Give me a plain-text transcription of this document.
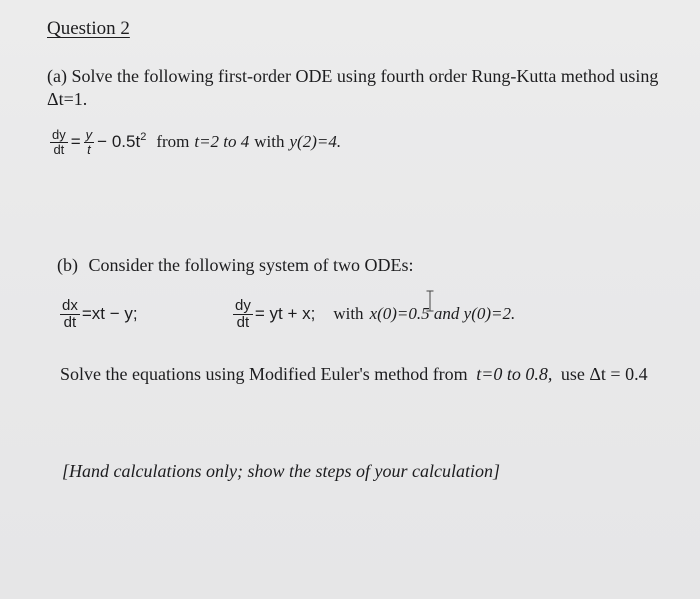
Question 2
(a) Solve the following first-order ODE using fourth order Rung-Kutta method using
Δt=1.
$\frac{dy}{dt} = \frac{y}{t} - 0.5t^2$ from t=2 to 4 with y(2)=4.
(b) Consider the following system of two ODEs:
$\frac{dx}{dt} =xt - y$;	$\frac{dy}{dt}$ = yt + x; with x(0)=0.5 and y(0)=2.
Solve the equations using Modified Euler's method from t=0 to 0.8, use Δt = 0.4
[Hand calculations only; show the steps of your calculation]
